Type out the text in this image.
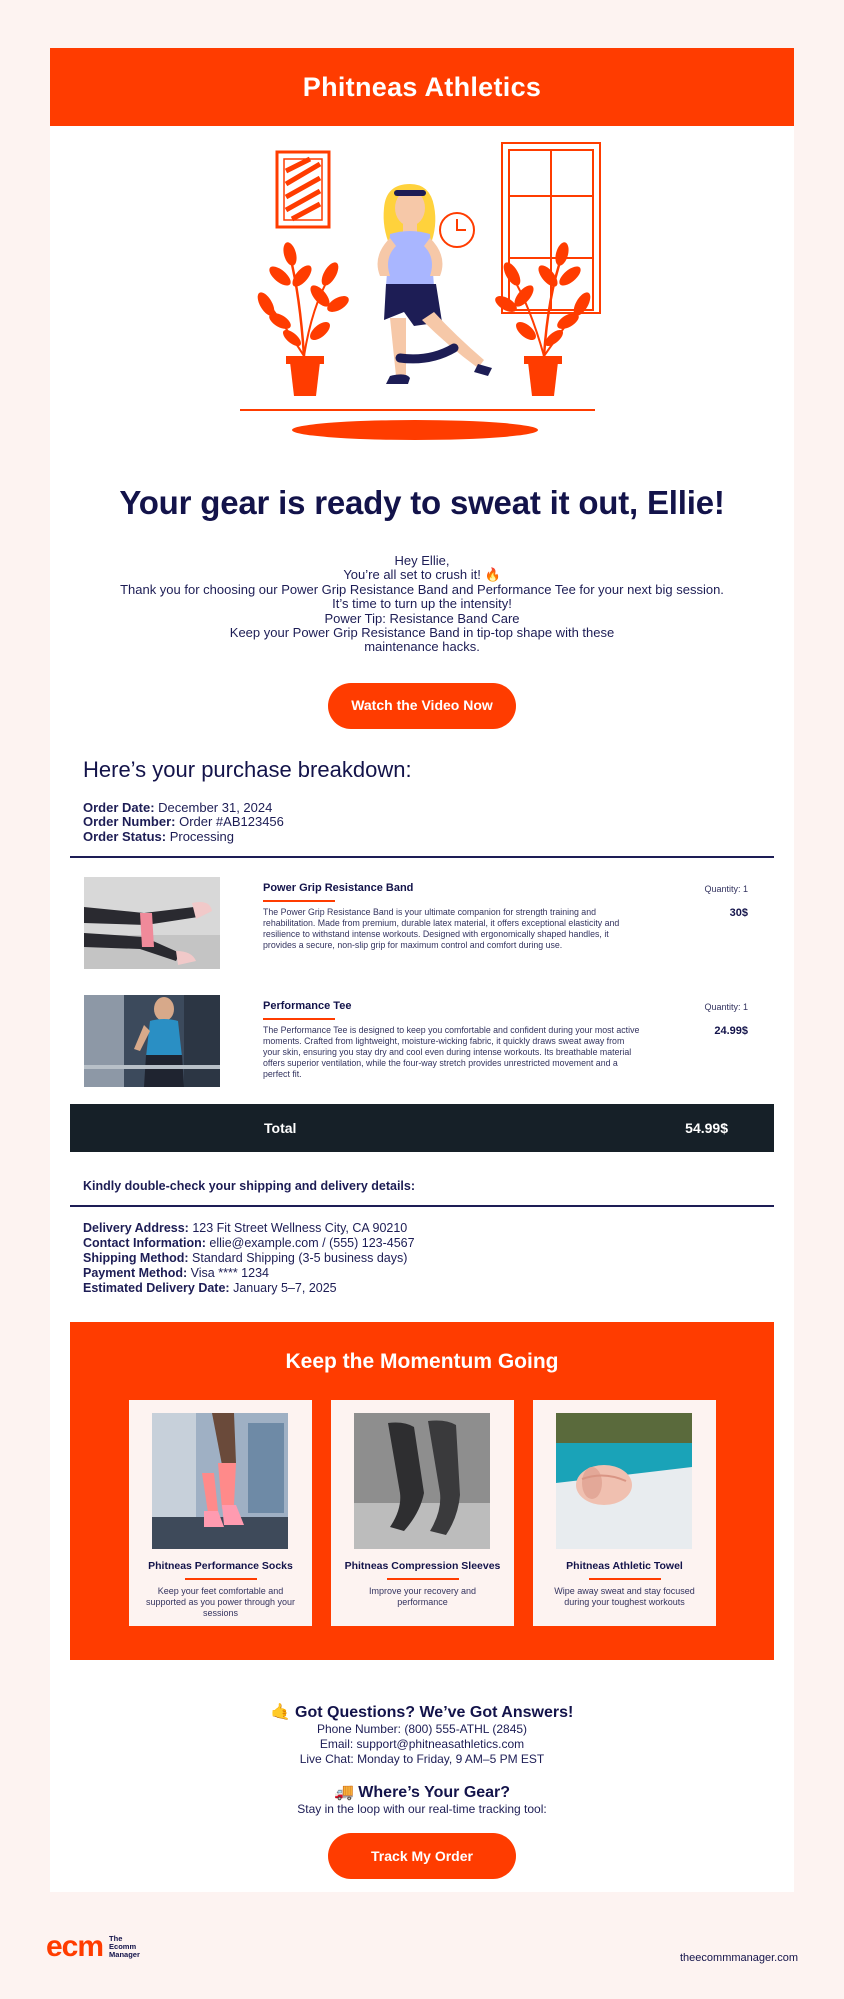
Phitneas Athletics
Your gear is ready to sweat it out, Ellie!
Hey Ellie,
You’re all set to crush it! 🔥
Thank you for choosing our Power Grip Resistance Band and Performance Tee for your next big session.
It’s time to turn up the intensity!
Power Tip: Resistance Band Care
Keep your Power Grip Resistance Band in tip-top shape with these maintenance hacks.
Watch the Video Now
Here’s your purchase breakdown:
Order Date: December 31, 2024
Order Number: Order #AB123456
Order Status: Processing
Power Grip Resistance Band
The Power Grip Resistance Band is your ultimate companion for strength training and rehabilitation. Made from premium, durable latex material, it offers exceptional elasticity and resilience to withstand intense workouts. Designed with ergonomically shaped handles, it provides a secure, non-slip grip for maximum control and comfort during use.
Quantity: 1
30$
Performance Tee
The Performance Tee is designed to keep you comfortable and confident during your most active moments. Crafted from lightweight, moisture-wicking fabric, it quickly draws sweat away from your skin, ensuring you stay dry and cool even during intense workouts. Its breathable material offers superior ventilation, while the four-way stretch provides unrestricted movement and a perfect fit.
Quantity: 1
24.99$
Total	54.99$
Kindly double-check your shipping and delivery details:
Delivery Address: 123 Fit Street Wellness City, CA 90210
Contact Information: ellie@example.com / (555) 123-4567
Shipping Method: Standard Shipping (3-5 business days)
Payment Method: Visa **** 1234
Estimated Delivery Date: January 5–7, 2025
Keep the Momentum Going
Phitneas Performance Socks
Keep your feet comfortable and supported as you power through your sessions
Phitneas Compression Sleeves
Improve your recovery and performance
Phitneas Athletic Towel
Wipe away sweat and stay focused during your toughest workouts
🤙 Got Questions? We’ve Got Answers!

Phone Number: (800) 555-ATHL (2845)

Email: support@phitneasathletics.com

Live Chat: Monday to Friday, 9 AM–5 PM EST

🚚 Where’s Your Gear?

Stay in the loop with our real-time tracking tool:

Track My Order
ecm The
Ecomm
Manager	theecommmanager.com
